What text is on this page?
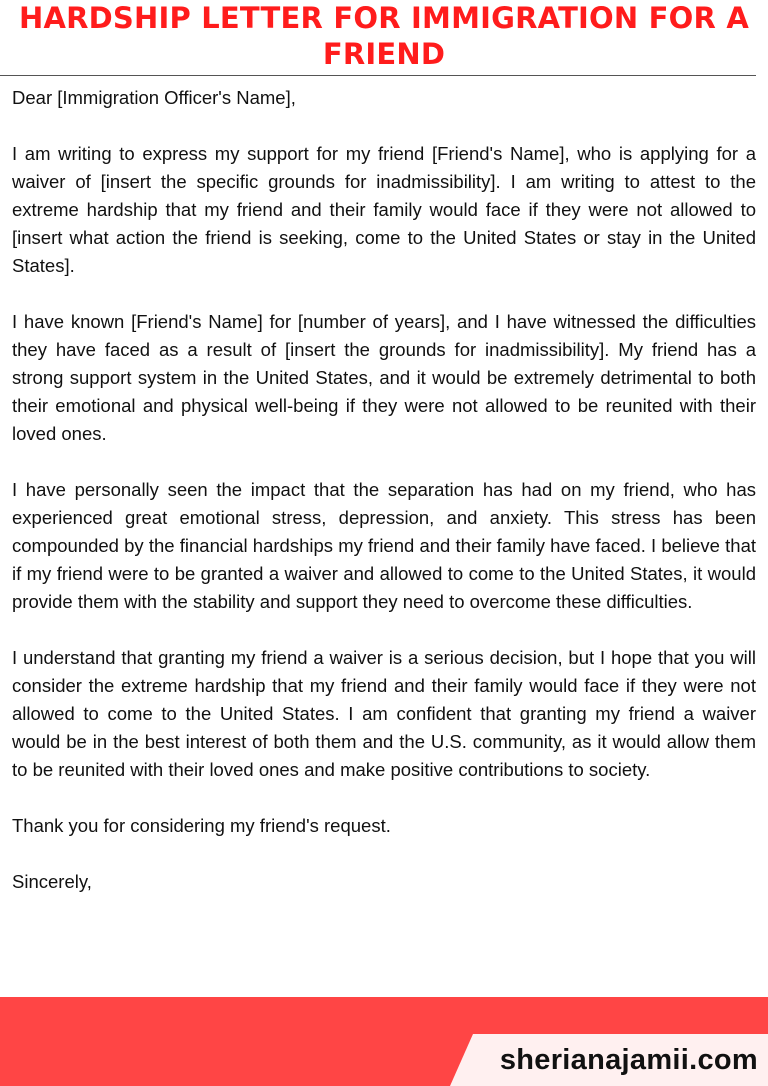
HARDSHIP LETTER FOR IMMIGRATION FOR A FRIEND

Dear [Immigration Officer's Name],

I am writing to express my support for my friend [Friend's Name], who is applying for a waiver of [insert the specific grounds for inadmissibility]. I am writing to attest to the extreme hardship that my friend and their family would face if they were not allowed to [insert what action the friend is seeking, come to the United States or stay in the United States].

I have known [Friend's Name] for [number of years], and I have witnessed the difficulties they have faced as a result of [insert the grounds for inadmissibility]. My friend has a strong support system in the United States, and it would be extremely detrimental to both their emotional and physical well-being if they were not allowed to be reunited with their loved ones.

I have personally seen the impact that the separation has had on my friend, who has experienced great emotional stress, depression, and anxiety. This stress has been compounded by the financial hardships my friend and their family have faced. I believe that if my friend were to be granted a waiver and allowed to come to the United States, it would provide them with the stability and support they need to overcome these difficulties.

I understand that granting my friend a waiver is a serious decision, but I hope that you will consider the extreme hardship that my friend and their family would face if they were not allowed to come to the United States. I am confident that granting my friend a waiver would be in the best interest of both them and the U.S. community, as it would allow them to be reunited with their loved ones and make positive contributions to society.

Thank you for considering my friend's request.

Sincerely,

sherianajamii.com
